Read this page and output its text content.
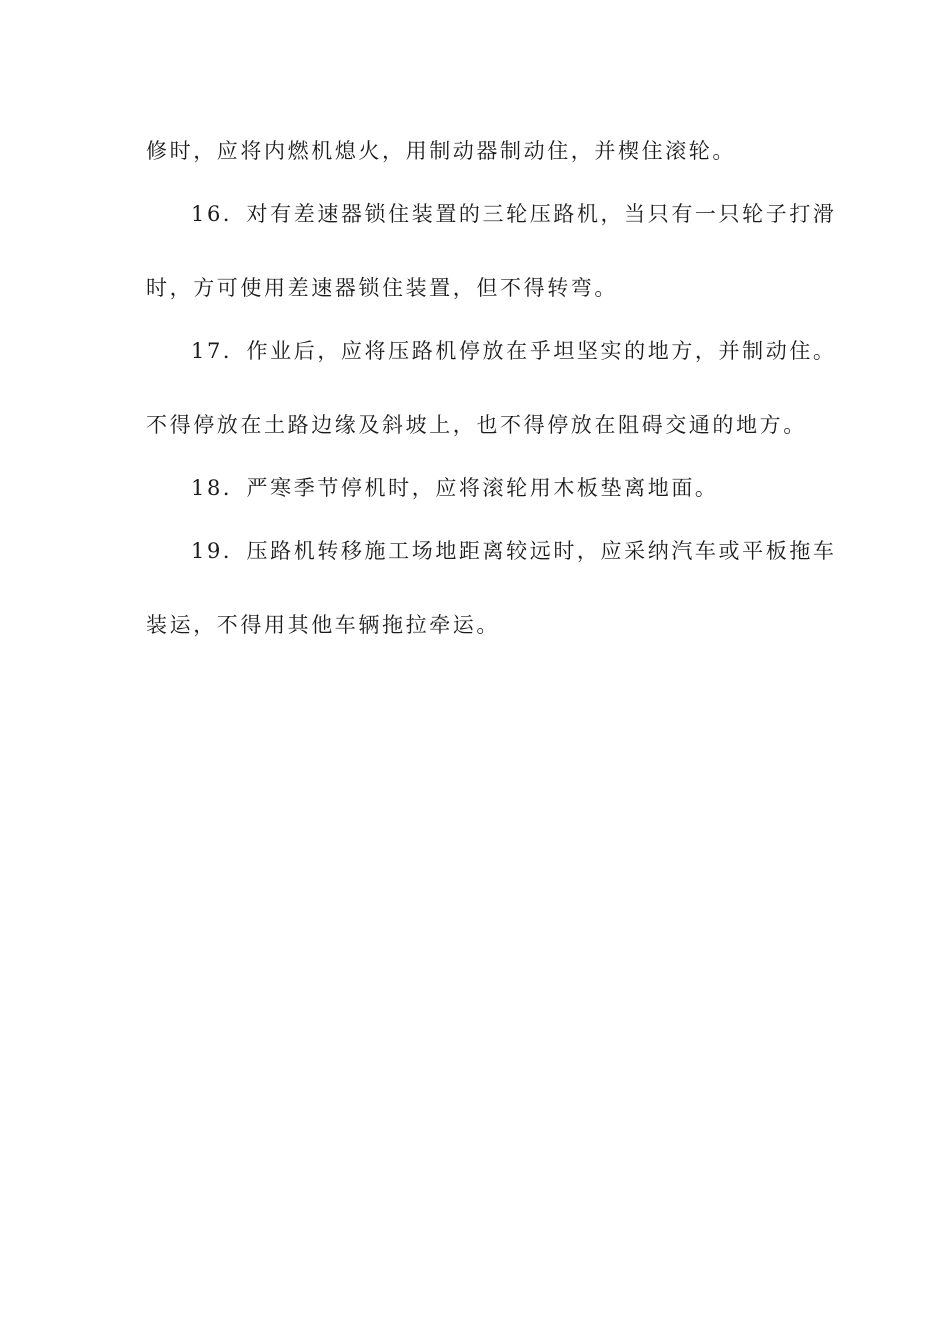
修时，应将内燃机熄火，用制动器制动住，并楔住滚轮。
16．对有差速器锁住装置的三轮压路机，当只有一只轮子打滑
时，方可使用差速器锁住装置，但不得转弯。
17．作业后，应将压路机停放在乎坦坚实的地方，并制动住。
不得停放在土路边缘及斜坡上，也不得停放在阻碍交通的地方。
18．严寒季节停机时，应将滚轮用木板垫离地面。
19．压路机转移施工场地距离较远时，应采纳汽车或平板拖车
装运，不得用其他车辆拖拉牵运。
